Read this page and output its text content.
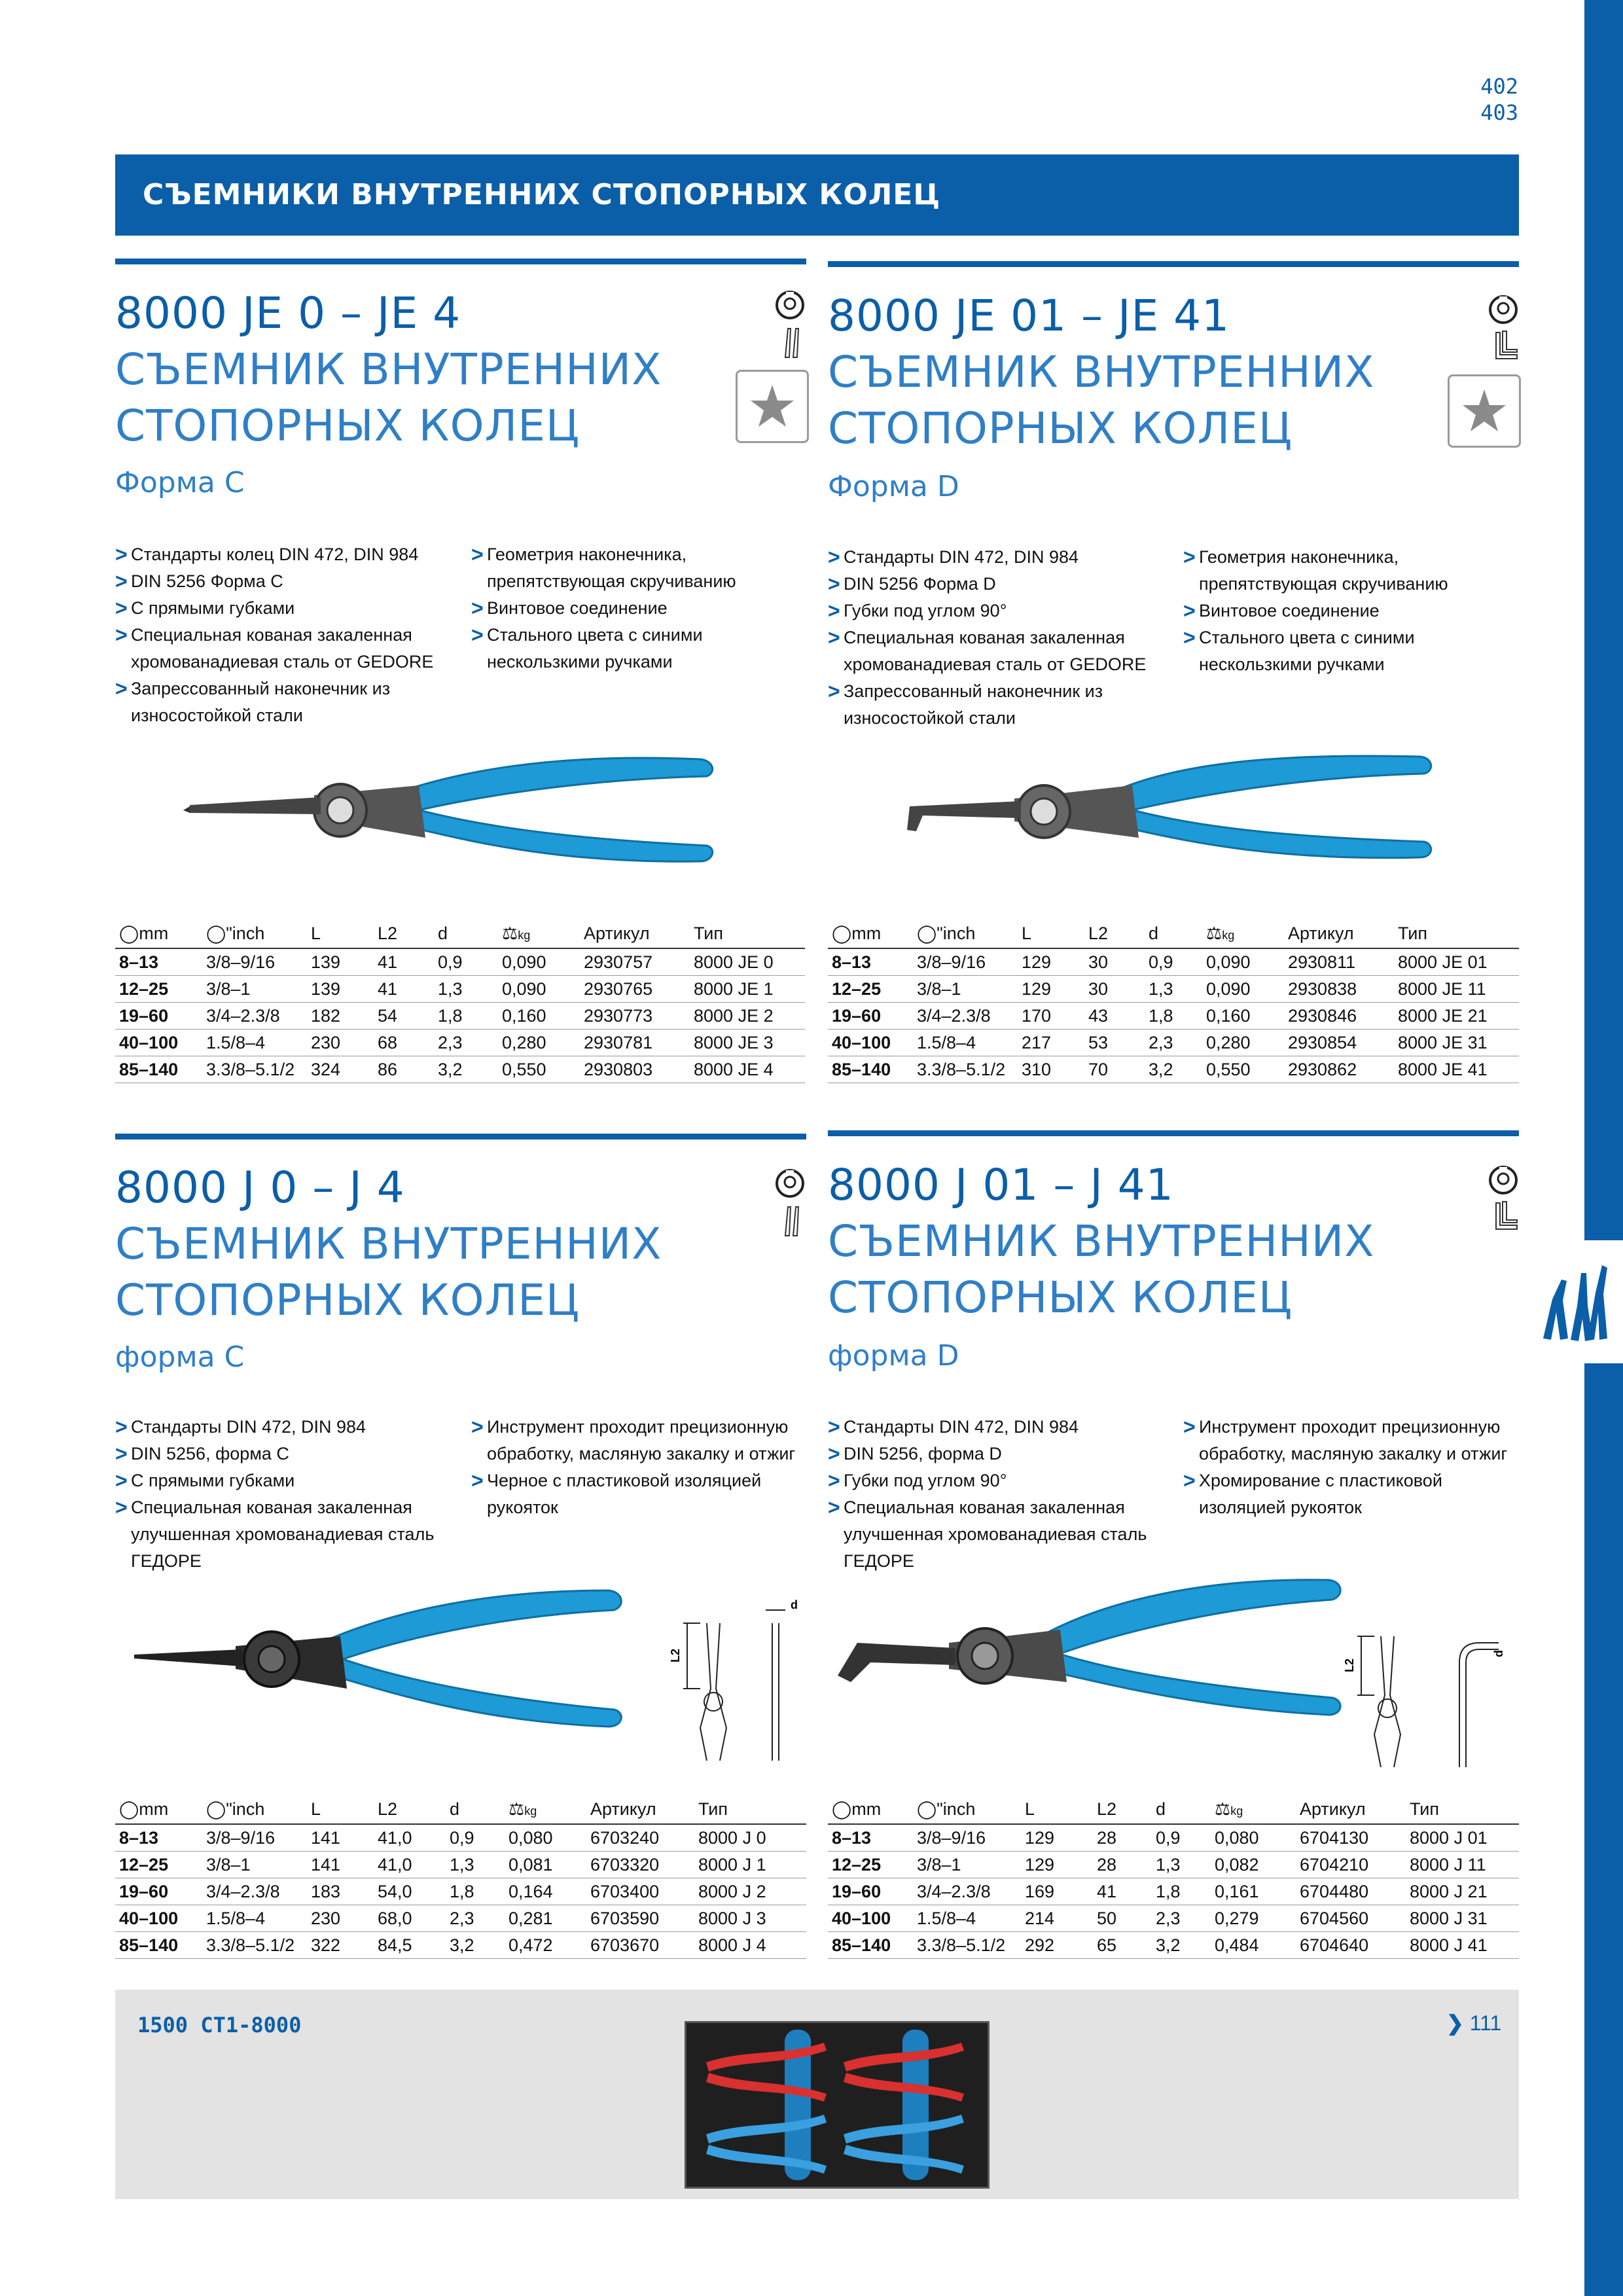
402
403
СЪЕМНИКИ ВНУТРЕННИХ СТОПОРНЫХ КОЛЕЦ
8000 JE 0 – JE 4
СЪЕМНИК ВНУТРЕННИХ
СТОПОРНЫХ КОЛЕЦ
Форма C
> Стандарты колец DIN 472, DIN 984
> DIN 5256 Форма C
> С прямыми губками
> Специальная кованая закаленная хромованадиевая сталь от GEDORE
> Запрессованный наконечник из износостойкой стали
> Геометрия наконечника, препятствующая скручиванию
> Винтовое соединение
> Стального цвета с синими нескользкими ручками
◯mm	◯"inch	L	L2	d	⚖kg	Артикул	Тип
8–13	3/8–9/16	139	41	0,9	0,090	2930757	8000 JE 0
12–25	3/8–1	139	41	1,3	0,090	2930765	8000 JE 1
19–60	3/4–2.3/8	182	54	1,8	0,160	2930773	8000 JE 2
40–100	1.5/8–4	230	68	2,3	0,280	2930781	8000 JE 3
85–140	3.3/8–5.1/2	324	86	3,2	0,550	2930803	8000 JE 4
8000 JE 01 – JE 41
СЪЕМНИК ВНУТРЕННИХ
СТОПОРНЫХ КОЛЕЦ
Форма D
> Стандарты DIN 472, DIN 984
> DIN 5256 Форма D
> Губки под углом 90°
> Специальная кованая закаленная хромованадиевая сталь от GEDORE
> Запрессованный наконечник из износостойкой стали
> Геометрия наконечника, препятствующая скручиванию
> Винтовое соединение
> Стального цвета с синими нескользкими ручками
◯mm	◯"inch	L	L2	d	⚖kg	Артикул	Тип
8–13	3/8–9/16	129	30	0,9	0,090	2930811	8000 JE 01
12–25	3/8–1	129	30	1,3	0,090	2930838	8000 JE 11
19–60	3/4–2.3/8	170	43	1,8	0,160	2930846	8000 JE 21
40–100	1.5/8–4	217	53	2,3	0,280	2930854	8000 JE 31
85–140	3.3/8–5.1/2	310	70	3,2	0,550	2930862	8000 JE 41
8000 J 0 – J 4
СЪЕМНИК ВНУТРЕННИХ
СТОПОРНЫХ КОЛЕЦ
форма C
> Стандарты DIN 472, DIN 984
> DIN 5256, форма C
> С прямыми губками
> Специальная кованая закаленная улучшенная хромованадиевая сталь ГЕДОРЕ
> Инструмент проходит прецизионную обработку, масляную закалку и отжиг
> Черное с пластиковой изоляцией рукояток
L2
d
◯mm	◯"inch	L	L2	d	⚖kg	Артикул	Тип
8–13	3/8–9/16	141	41,0	0,9	0,080	6703240	8000 J 0
12–25	3/8–1	141	41,0	1,3	0,081	6703320	8000 J 1
19–60	3/4–2.3/8	183	54,0	1,8	0,164	6703400	8000 J 2
40–100	1.5/8–4	230	68,0	2,3	0,281	6703590	8000 J 3
85–140	3.3/8–5.1/2	322	84,5	3,2	0,472	6703670	8000 J 4
8000 J 01 – J 41
СЪЕМНИК ВНУТРЕННИХ
СТОПОРНЫХ КОЛЕЦ
форма D
> Стандарты DIN 472, DIN 984
> DIN 5256, форма D
> Губки под углом 90°
> Специальная кованая закаленная улучшенная хромованадиевая сталь ГЕДОРЕ
> Инструмент проходит прецизионную обработку, масляную закалку и отжиг
> Хромирование с пластиковой изоляцией рукояток
L2
d
◯mm	◯"inch	L	L2	d	⚖kg	Артикул	Тип
8–13	3/8–9/16	129	28	0,9	0,080	6704130	8000 J 01
12–25	3/8–1	129	28	1,3	0,082	6704210	8000 J 11
19–60	3/4–2.3/8	169	41	1,8	0,161	6704480	8000 J 21
40–100	1.5/8–4	214	50	2,3	0,279	6704560	8000 J 31
85–140	3.3/8–5.1/2	292	65	3,2	0,484	6704640	8000 J 41
1500 CT1-8000	❯ 111
